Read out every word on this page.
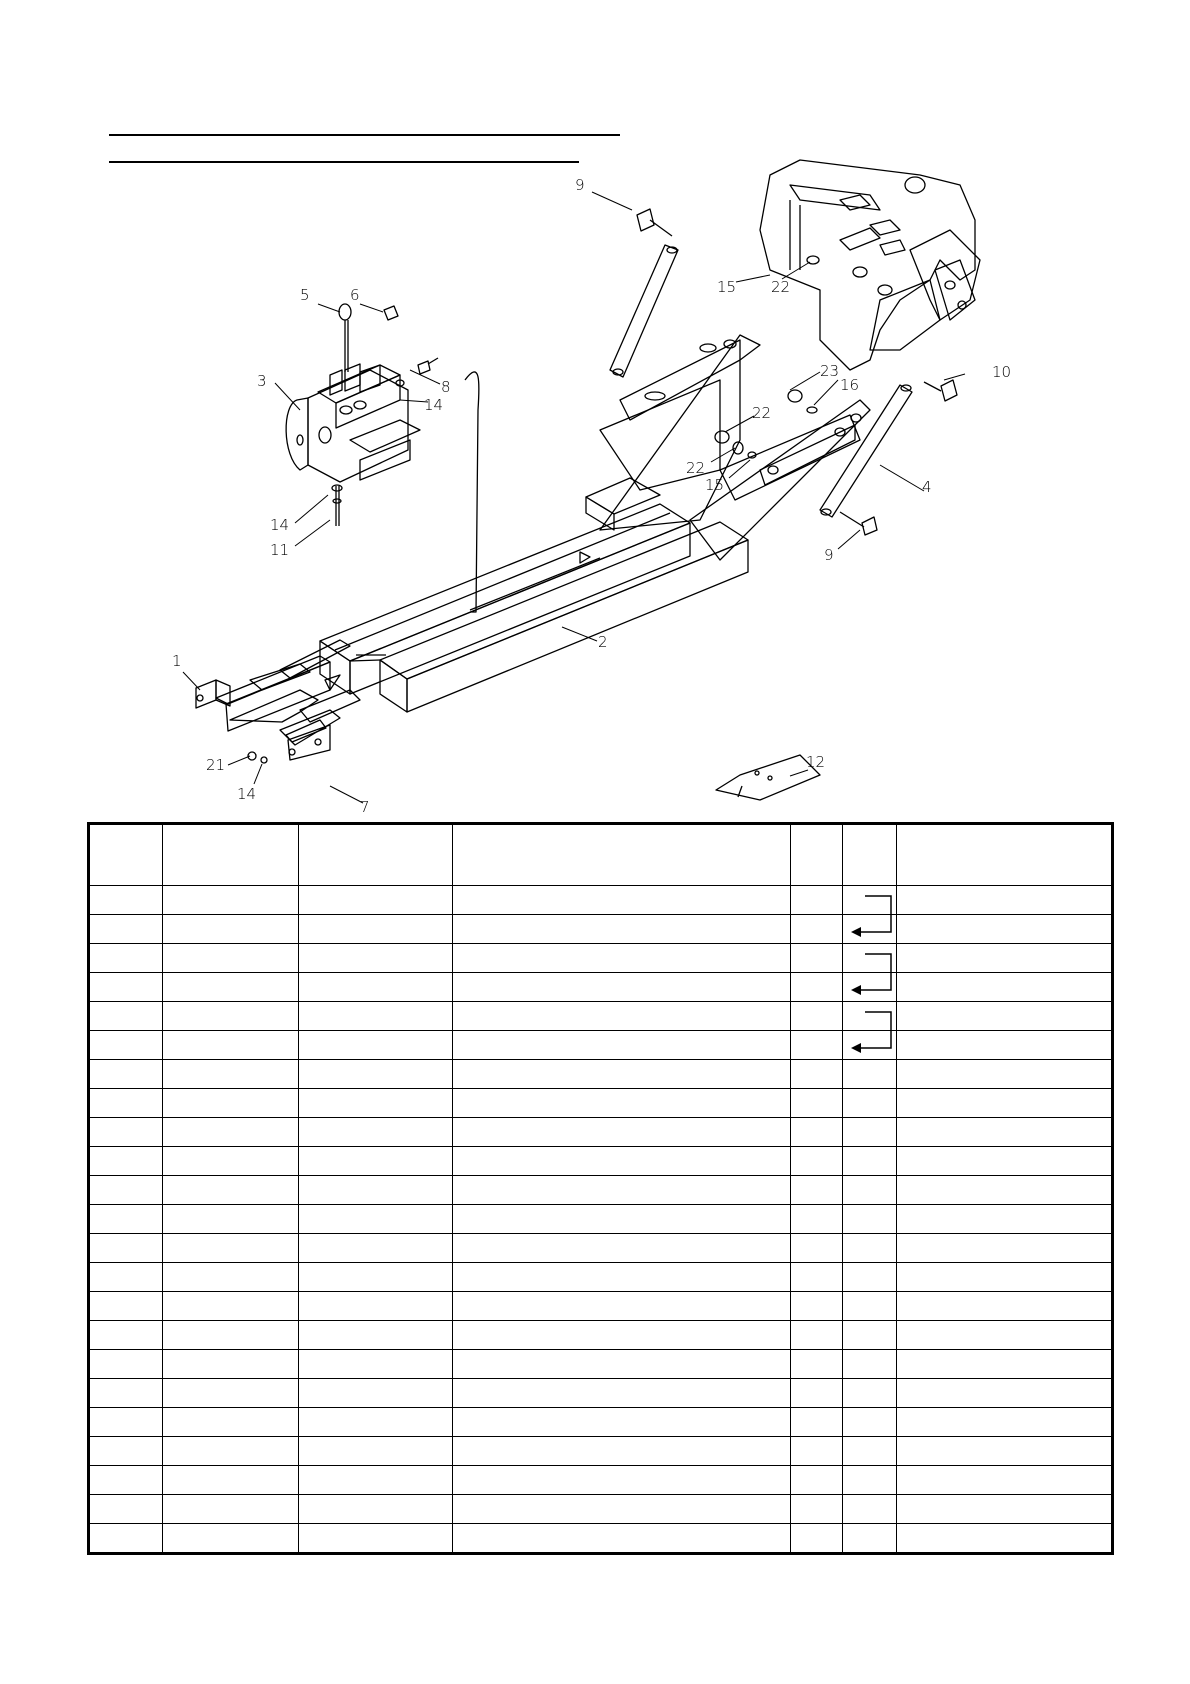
9
15 22
5	6
3	8
14
10
23
16
22
22
15	4
14
11	9
2
1
21
14
7
12
